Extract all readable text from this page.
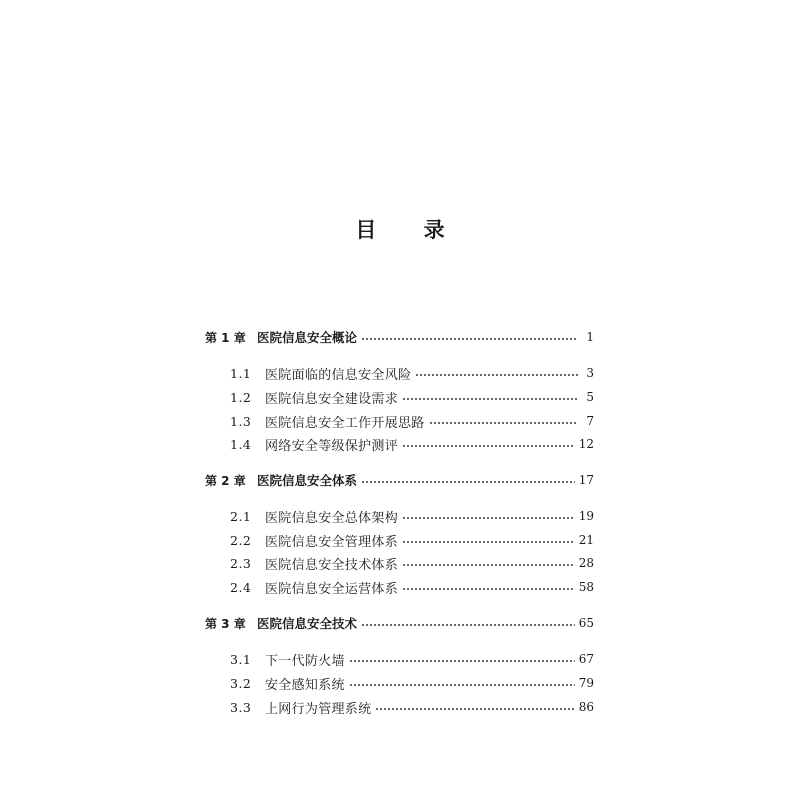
目 录
第 1 章 医院信息安全概论	1
1.1	医院面临的信息安全风险	3
1.2	医院信息安全建设需求	5
1.3	医院信息安全工作开展思路	7
1.4	网络安全等级保护测评	12
第 2 章 医院信息安全体系	17
2.1	医院信息安全总体架构	19
2.2	医院信息安全管理体系	21
2.3	医院信息安全技术体系	28
2.4	医院信息安全运营体系	58
第 3 章 医院信息安全技术	65
3.1	下一代防火墙	67
3.2	安全感知系统	79
3.3	上网行为管理系统	86
